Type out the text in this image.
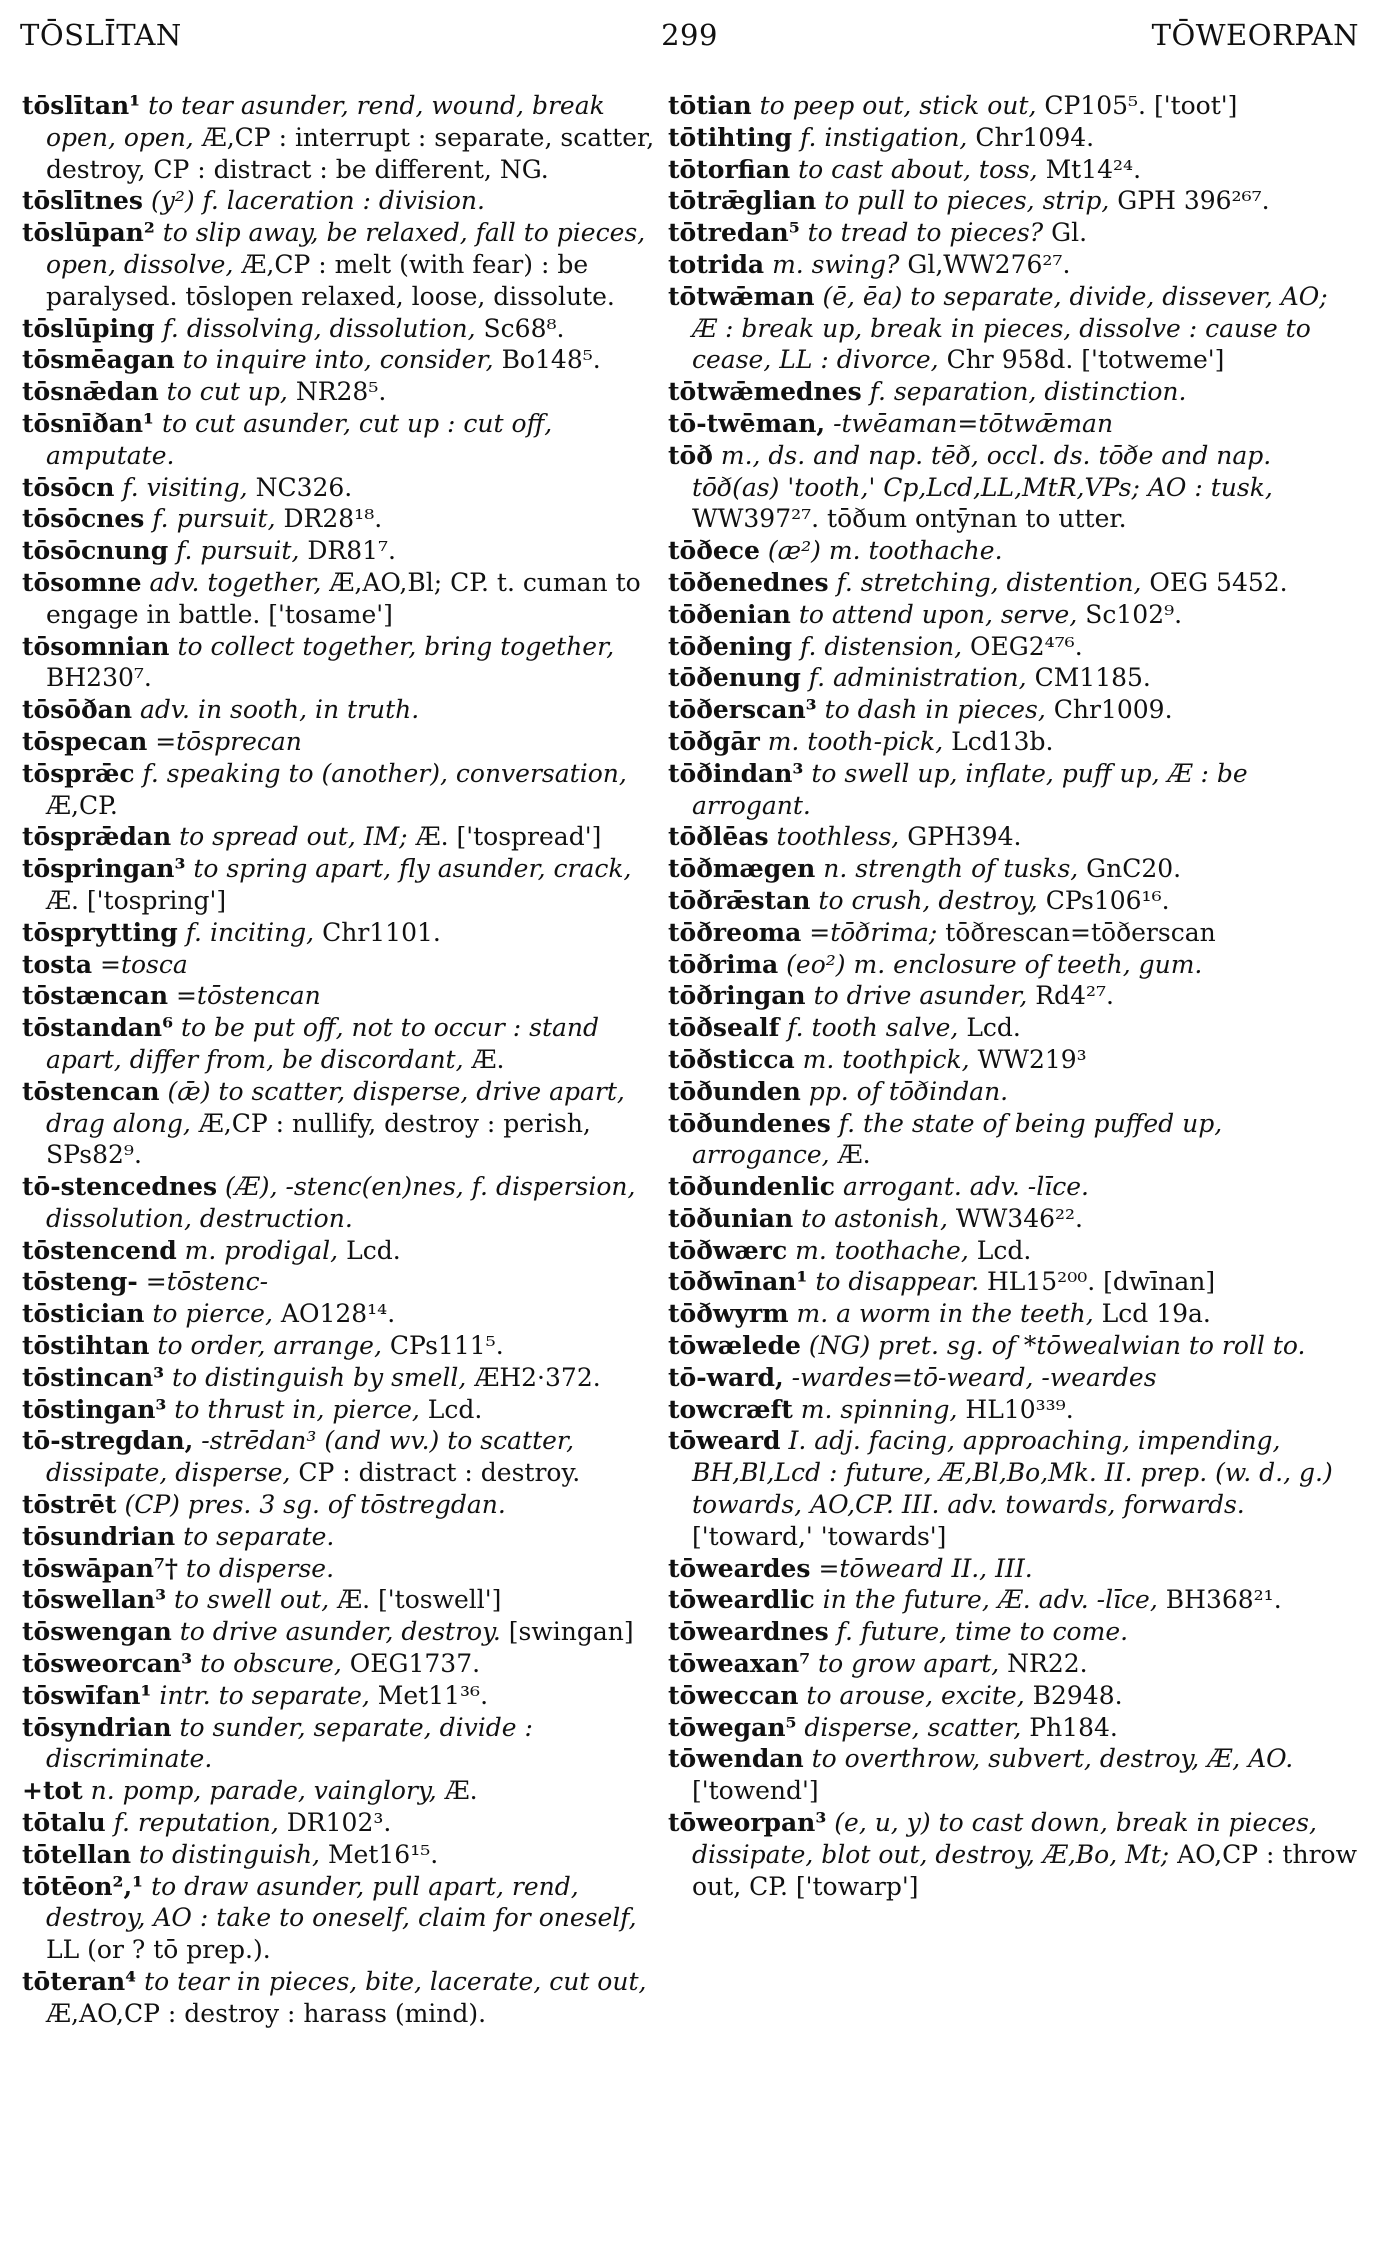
299
TŌSLĪTAN	TŌWEORPAN
tōslītan¹ to tear asunder, rend, wound, break open, open, Æ,CP : interrupt : separate, scatter, destroy, CP : distract : be different, NG.
tōslītnes (y²) f. laceration : division.
tōslūpan² to slip away, be relaxed, fall to pieces, open, dissolve, Æ,CP : melt (with fear) : be paralysed. tōslopen relaxed, loose, dissolute.
tōslūping f. dissolving, dissolution, Sc68⁸.
tōsmēagan to inquire into, consider, Bo148⁵.
tōsnǣdan to cut up, NR28⁵.
tōsnīðan¹ to cut asunder, cut up : cut off, amputate.
tōsōcn f. visiting, NC326.
tōsōcnes f. pursuit, DR28¹⁸.
tōsōcnung f. pursuit, DR81⁷.
tōsomne adv. together, Æ,AO,Bl; CP. t. cuman to engage in battle. ['tosame']
tōsomnian to collect together, bring together, BH230⁷.
tōsōðan adv. in sooth, in truth.
tōspecan =tōsprecan
tōsprǣc f. speaking to (another), conversation, Æ,CP.
tōsprǣdan to spread out, IM; Æ. ['tospread']
tōspringan³ to spring apart, fly asunder, crack, Æ. ['tospring']
tōsprytting f. inciting, Chr1101.
tosta =tosca
tōstæncan =tōstencan
tōstandan⁶ to be put off, not to occur : stand apart, differ from, be discordant, Æ.
tōstencan (ǣ) to scatter, disperse, drive apart, drag along, Æ,CP : nullify, destroy : perish, SPs82⁹.
tō-stencednes (Æ), -stenc(en)nes, f. dispersion, dissolution, destruction.
tōstencend m. prodigal, Lcd.
tōsteng- =tōstenc-
tōstician to pierce, AO128¹⁴.
tōstihtan to order, arrange, CPs111⁵.
tōstincan³ to distinguish by smell, ÆH2·372.
tōstingan³ to thrust in, pierce, Lcd.
tō-stregdan, -strēdan³ (and wv.) to scatter, dissipate, disperse, CP : distract : destroy.
tōstrēt (CP) pres. 3 sg. of tōstregdan.
tōsundrian to separate.
tōswāpan⁷† to disperse.
tōswellan³ to swell out, Æ. ['toswell']
tōswengan to drive asunder, destroy. [swingan]
tōsweorcan³ to obscure, OEG1737.
tōswīfan¹ intr. to separate, Met11³⁶.
tōsyndrian to sunder, separate, divide : discriminate.
+tot n. pomp, parade, vainglory, Æ.
tōtalu f. reputation, DR102³.
tōtellan to distinguish, Met16¹⁵.
tōtēon²,¹ to draw asunder, pull apart, rend, destroy, AO : take to oneself, claim for oneself, LL (or ? tō prep.).
tōteran⁴ to tear in pieces, bite, lacerate, cut out, Æ,AO,CP : destroy : harass (mind).
tōtian to peep out, stick out, CP105⁵. ['toot']
tōtihting f. instigation, Chr1094.
tōtorfian to cast about, toss, Mt14²⁴.
tōtrǣglian to pull to pieces, strip, GPH 396²⁶⁷.
tōtredan⁵ to tread to pieces? Gl.
totrida m. swing? Gl,WW276²⁷.
tōtwǣman (ē, ēa) to separate, divide, dissever, AO; Æ : break up, break in pieces, dissolve : cause to cease, LL : divorce, Chr 958d. ['totweme']
tōtwǣmednes f. separation, distinction.
tō-twēman, -twēaman=tōtwǣman
tōð m., ds. and nap. tēð, occl. ds. tōðe and nap. tōð(as) 'tooth,' Cp,Lcd,LL,MtR,VPs; AO : tusk, WW397²⁷. tōðum ontȳnan to utter.
tōðece (æ²) m. toothache.
tōðenednes f. stretching, distention, OEG 5452.
tōðenian to attend upon, serve, Sc102⁹.
tōðening f. distension, OEG2⁴⁷⁶.
tōðenung f. administration, CM1185.
tōðerscan³ to dash in pieces, Chr1009.
tōðgār m. tooth-pick, Lcd13b.
tōðindan³ to swell up, inflate, puff up, Æ : be arrogant.
tōðlēas toothless, GPH394.
tōðmægen n. strength of tusks, GnC20.
tōðrǣstan to crush, destroy, CPs106¹⁶.
tōðreoma =tōðrima; tōðrescan=tōðerscan
tōðrima (eo²) m. enclosure of teeth, gum.
tōðringan to drive asunder, Rd4²⁷.
tōðsealf f. tooth salve, Lcd.
tōðsticca m. toothpick, WW219³
tōðunden pp. of tōðindan.
tōðundenes f. the state of being puffed up, arrogance, Æ.
tōðundenlic arrogant. adv. -līce.
tōðunian to astonish, WW346²².
tōðwærc m. toothache, Lcd.
tōðwīnan¹ to disappear. HL15²⁰⁰. [dwīnan]
tōðwyrm m. a worm in the teeth, Lcd 19a.
tōwælede (NG) pret. sg. of *tōwealwian to roll to.
tō-ward, -wardes=tō-weard, -weardes
towcræft m. spinning, HL10³³⁹.
tōweard I. adj. facing, approaching, impending, BH,Bl,Lcd : future, Æ,Bl,Bo,Mk. II. prep. (w. d., g.) towards, AO,CP. III. adv. towards, forwards. ['toward,' 'towards']
tōweardes =tōweard II., III.
tōweardlic in the future, Æ. adv. -līce, BH368²¹.
tōweardnes f. future, time to come.
tōweaxan⁷ to grow apart, NR22.
tōweccan to arouse, excite, B2948.
tōwegan⁵ disperse, scatter, Ph184.
tōwendan to overthrow, subvert, destroy, Æ, AO. ['towend']
tōweorpan³ (e, u, y) to cast down, break in pieces, dissipate, blot out, destroy, Æ,Bo, Mt; AO,CP : throw out, CP. ['towarp']
